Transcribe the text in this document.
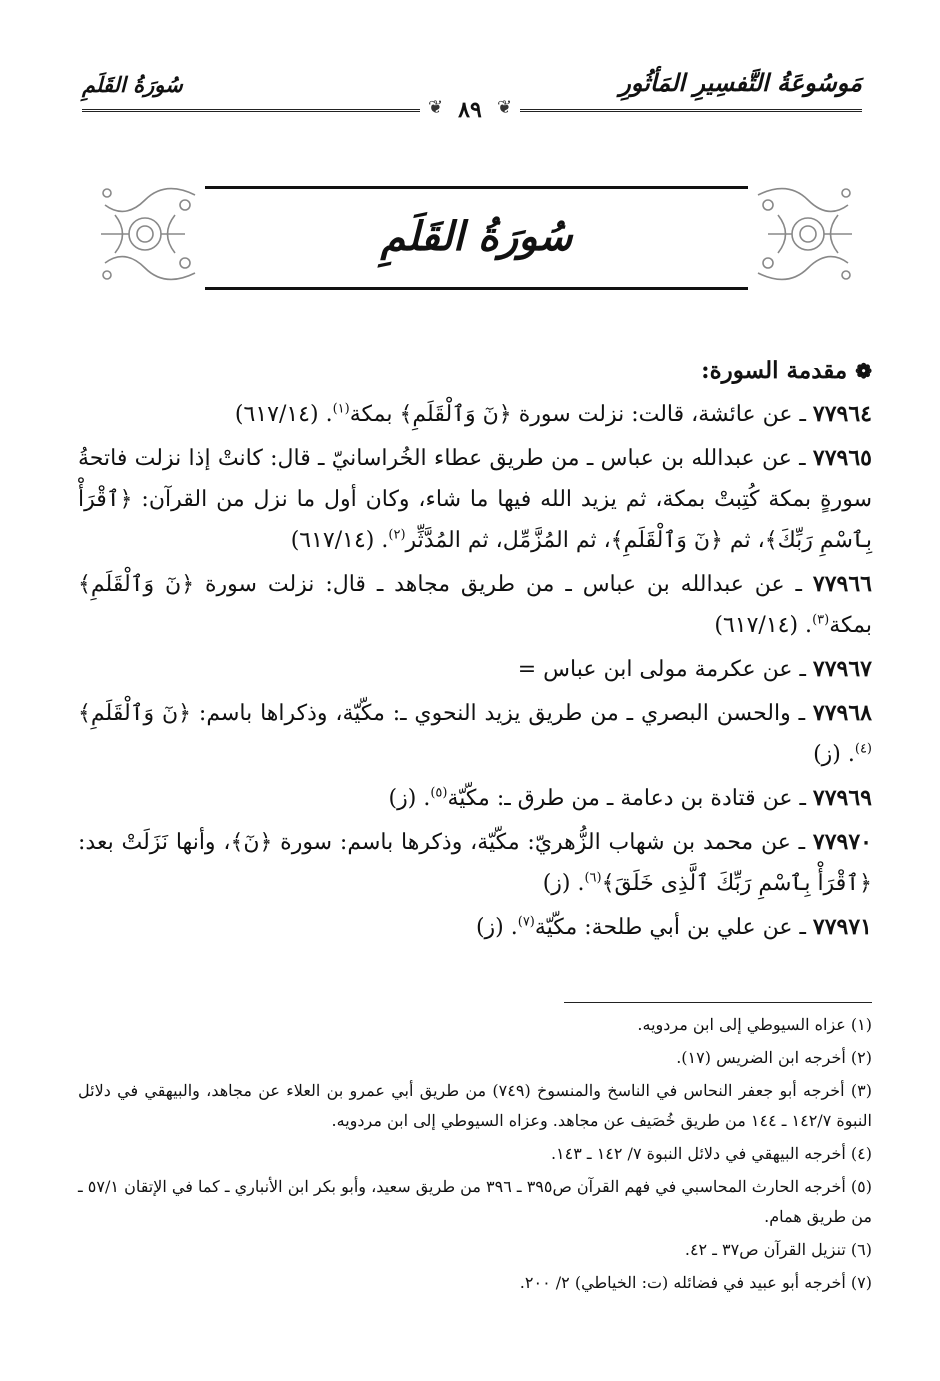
مَوسُوعَةُ التَّفسِيرِ المَأثُورِ
سُورَةُ القَلَمِ
٨٩
❦	❦
سُورَةُ القَلَمِ
❁مقدمة السورة:

٧٧٩٦٤ ـ عن عائشة، قالت: نزلت سورة ﴿نٓ وَٱلْقَلَمِ﴾ بمكة$^{(١)}$. (٦١٧/١٤)

٧٧٩٦٥ ـ عن عبدالله بن عباس ـ من طريق عطاء الخُراسانيّ ـ قال: كانتْ إذا نزلت فاتحةُ سورةٍ بمكة كُتِبتْ بمكة، ثم يزيد الله فيها ما شاء، وكان أول ما نزل من القرآن: ﴿ٱقْرَأْ بِٱسْمِ رَبِّكَ﴾، ثم ﴿نٓ وَٱلْقَلَمِ﴾، ثم المُزَّمِّل، ثم المُدَّثِّر$^{(٢)}$. (٦١٧/١٤)

٧٧٩٦٦ ـ عن عبدالله بن عباس ـ من طريق مجاهد ـ قال: نزلت سورة ﴿نٓ وَٱلْقَلَمِ﴾ بمكة$^{(٣)}$. (٦١٧/١٤)

٧٧٩٦٧ ـ عن عكرمة مولى ابن عباس =

٧٧٩٦٨ ـ والحسن البصري ـ من طريق يزيد النحوي ـ: مكّيّة، وذكراها باسم: ﴿نٓ وَٱلْقَلَمِ﴾$^{(٤)}$. (ز)

٧٧٩٦٩ ـ عن قتادة بن دعامة ـ من طرق ـ: مكّيّة$^{(٥)}$. (ز)

٧٧٩٧٠ ـ عن محمد بن شهاب الزُّهريّ: مكّيّة، وذكرها باسم: سورة ﴿نٓ﴾، وأنها نَزَلَتْ بعد: ﴿ٱقْرَأْ بِٱسْمِ رَبِّكَ ٱلَّذِى خَلَقَ﴾$^{(٦)}$. (ز)

٧٧٩٧١ ـ عن علي بن أبي طلحة: مكّيّة$^{(٧)}$. (ز)

(١) عزاه السيوطي إلى ابن مردويه.

(٢) أخرجه ابن الضريس (١٧).

(٣) أخرجه أبو جعفر النحاس في الناسخ والمنسوخ (٧٤٩) من طريق أبي عمرو بن العلاء عن مجاهد، والبيهقي في دلائل النبوة ١٤٢/٧ ـ ١٤٤ من طريق خُصَيف عن مجاهد. وعزاه السيوطي إلى ابن مردويه.

(٤) أخرجه البيهقي في دلائل النبوة ٧/ ١٤٢ ـ ١٤٣.

(٥) أخرجه الحارث المحاسبي في فهم القرآن ص٣٩٥ ـ ٣٩٦ من طريق سعيد، وأبو بكر ابن الأنباري ـ كما في الإتقان ٥٧/١ ـ من طريق همام.

(٦) تنزيل القرآن ص٣٧ ـ ٤٢.

(٧) أخرجه أبو عبيد في فضائله (ت: الخياطي) ٢/ ٢٠٠.
